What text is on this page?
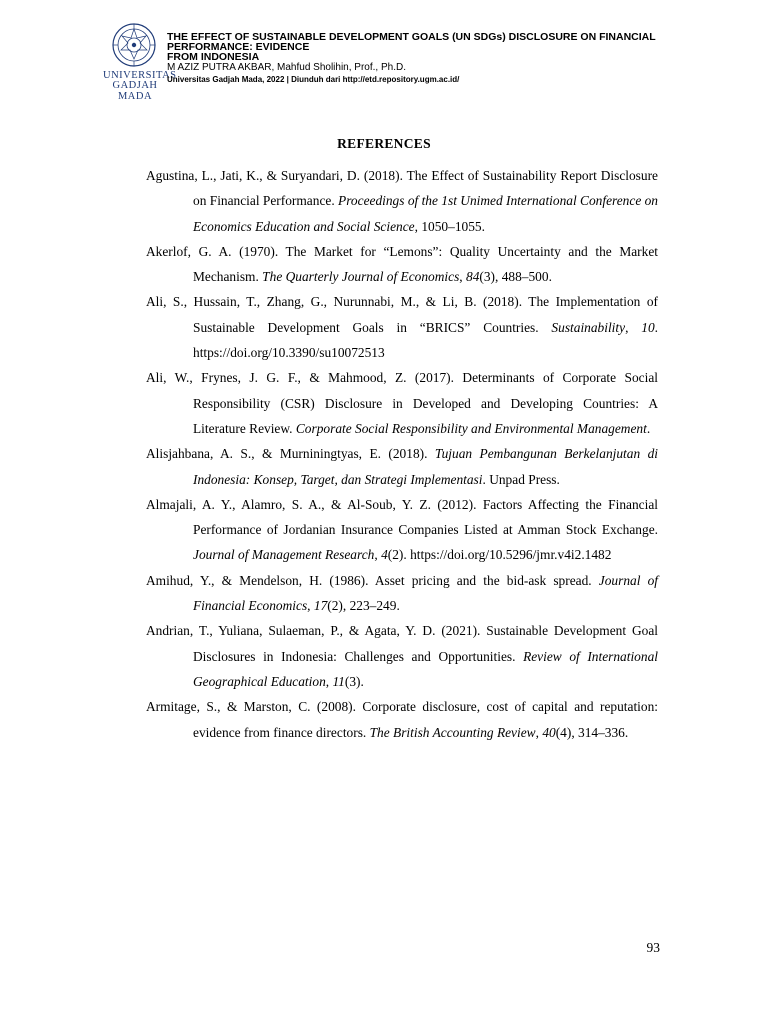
UNIVERSITAS
GADJAH MADA
THE EFFECT OF SUSTAINABLE DEVELOPMENT GOALS (UN SDGs) DISCLOSURE ON FINANCIAL
PERFORMANCE: EVIDENCE
FROM INDONESIA
M AZIZ PUTRA AKBAR, Mahfud Sholihin, Prof., Ph.D.
Universitas Gadjah Mada, 2022 | Diunduh dari http://etd.repository.ugm.ac.id/
REFERENCES

Agustina, L., Jati, K., & Suryandari, D. (2018). The Effect of Sustainability Report Disclosure on Financial Performance. Proceedings of the 1st Unimed International Conference on Economics Education and Social Science, 1050–1055.

Akerlof, G. A. (1970). The Market for “Lemons”: Quality Uncertainty and the Market Mechanism. The Quarterly Journal of Economics, 84(3), 488–500.

Ali, S., Hussain, T., Zhang, G., Nurunnabi, M., & Li, B. (2018). The Implementation of Sustainable Development Goals in “BRICS” Countries. Sustainability, 10. https://doi.org/10.3390/su10072513

Ali, W., Frynes, J. G. F., & Mahmood, Z. (2017). Determinants of Corporate Social Responsibility (CSR) Disclosure in Developed and Developing Countries: A Literature Review. Corporate Social Responsibility and Environmental Management.

Alisjahbana, A. S., & Murniningtyas, E. (2018). Tujuan Pembangunan Berkelanjutan di Indonesia: Konsep, Target, dan Strategi Implementasi. Unpad Press.

Almajali, A. Y., Alamro, S. A., & Al-Soub, Y. Z. (2012). Factors Affecting the Financial Performance of Jordanian Insurance Companies Listed at Amman Stock Exchange. Journal of Management Research, 4(2). https://doi.org/10.5296/jmr.v4i2.1482

Amihud, Y., & Mendelson, H. (1986). Asset pricing and the bid-ask spread. Journal of Financial Economics, 17(2), 223–249.

Andrian, T., Yuliana, Sulaeman, P., & Agata, Y. D. (2021). Sustainable Development Goal Disclosures in Indonesia: Challenges and Opportunities. Review of International Geographical Education, 11(3).

Armitage, S., & Marston, C. (2008). Corporate disclosure, cost of capital and reputation: evidence from finance directors. The British Accounting Review, 40(4), 314–336.

93
